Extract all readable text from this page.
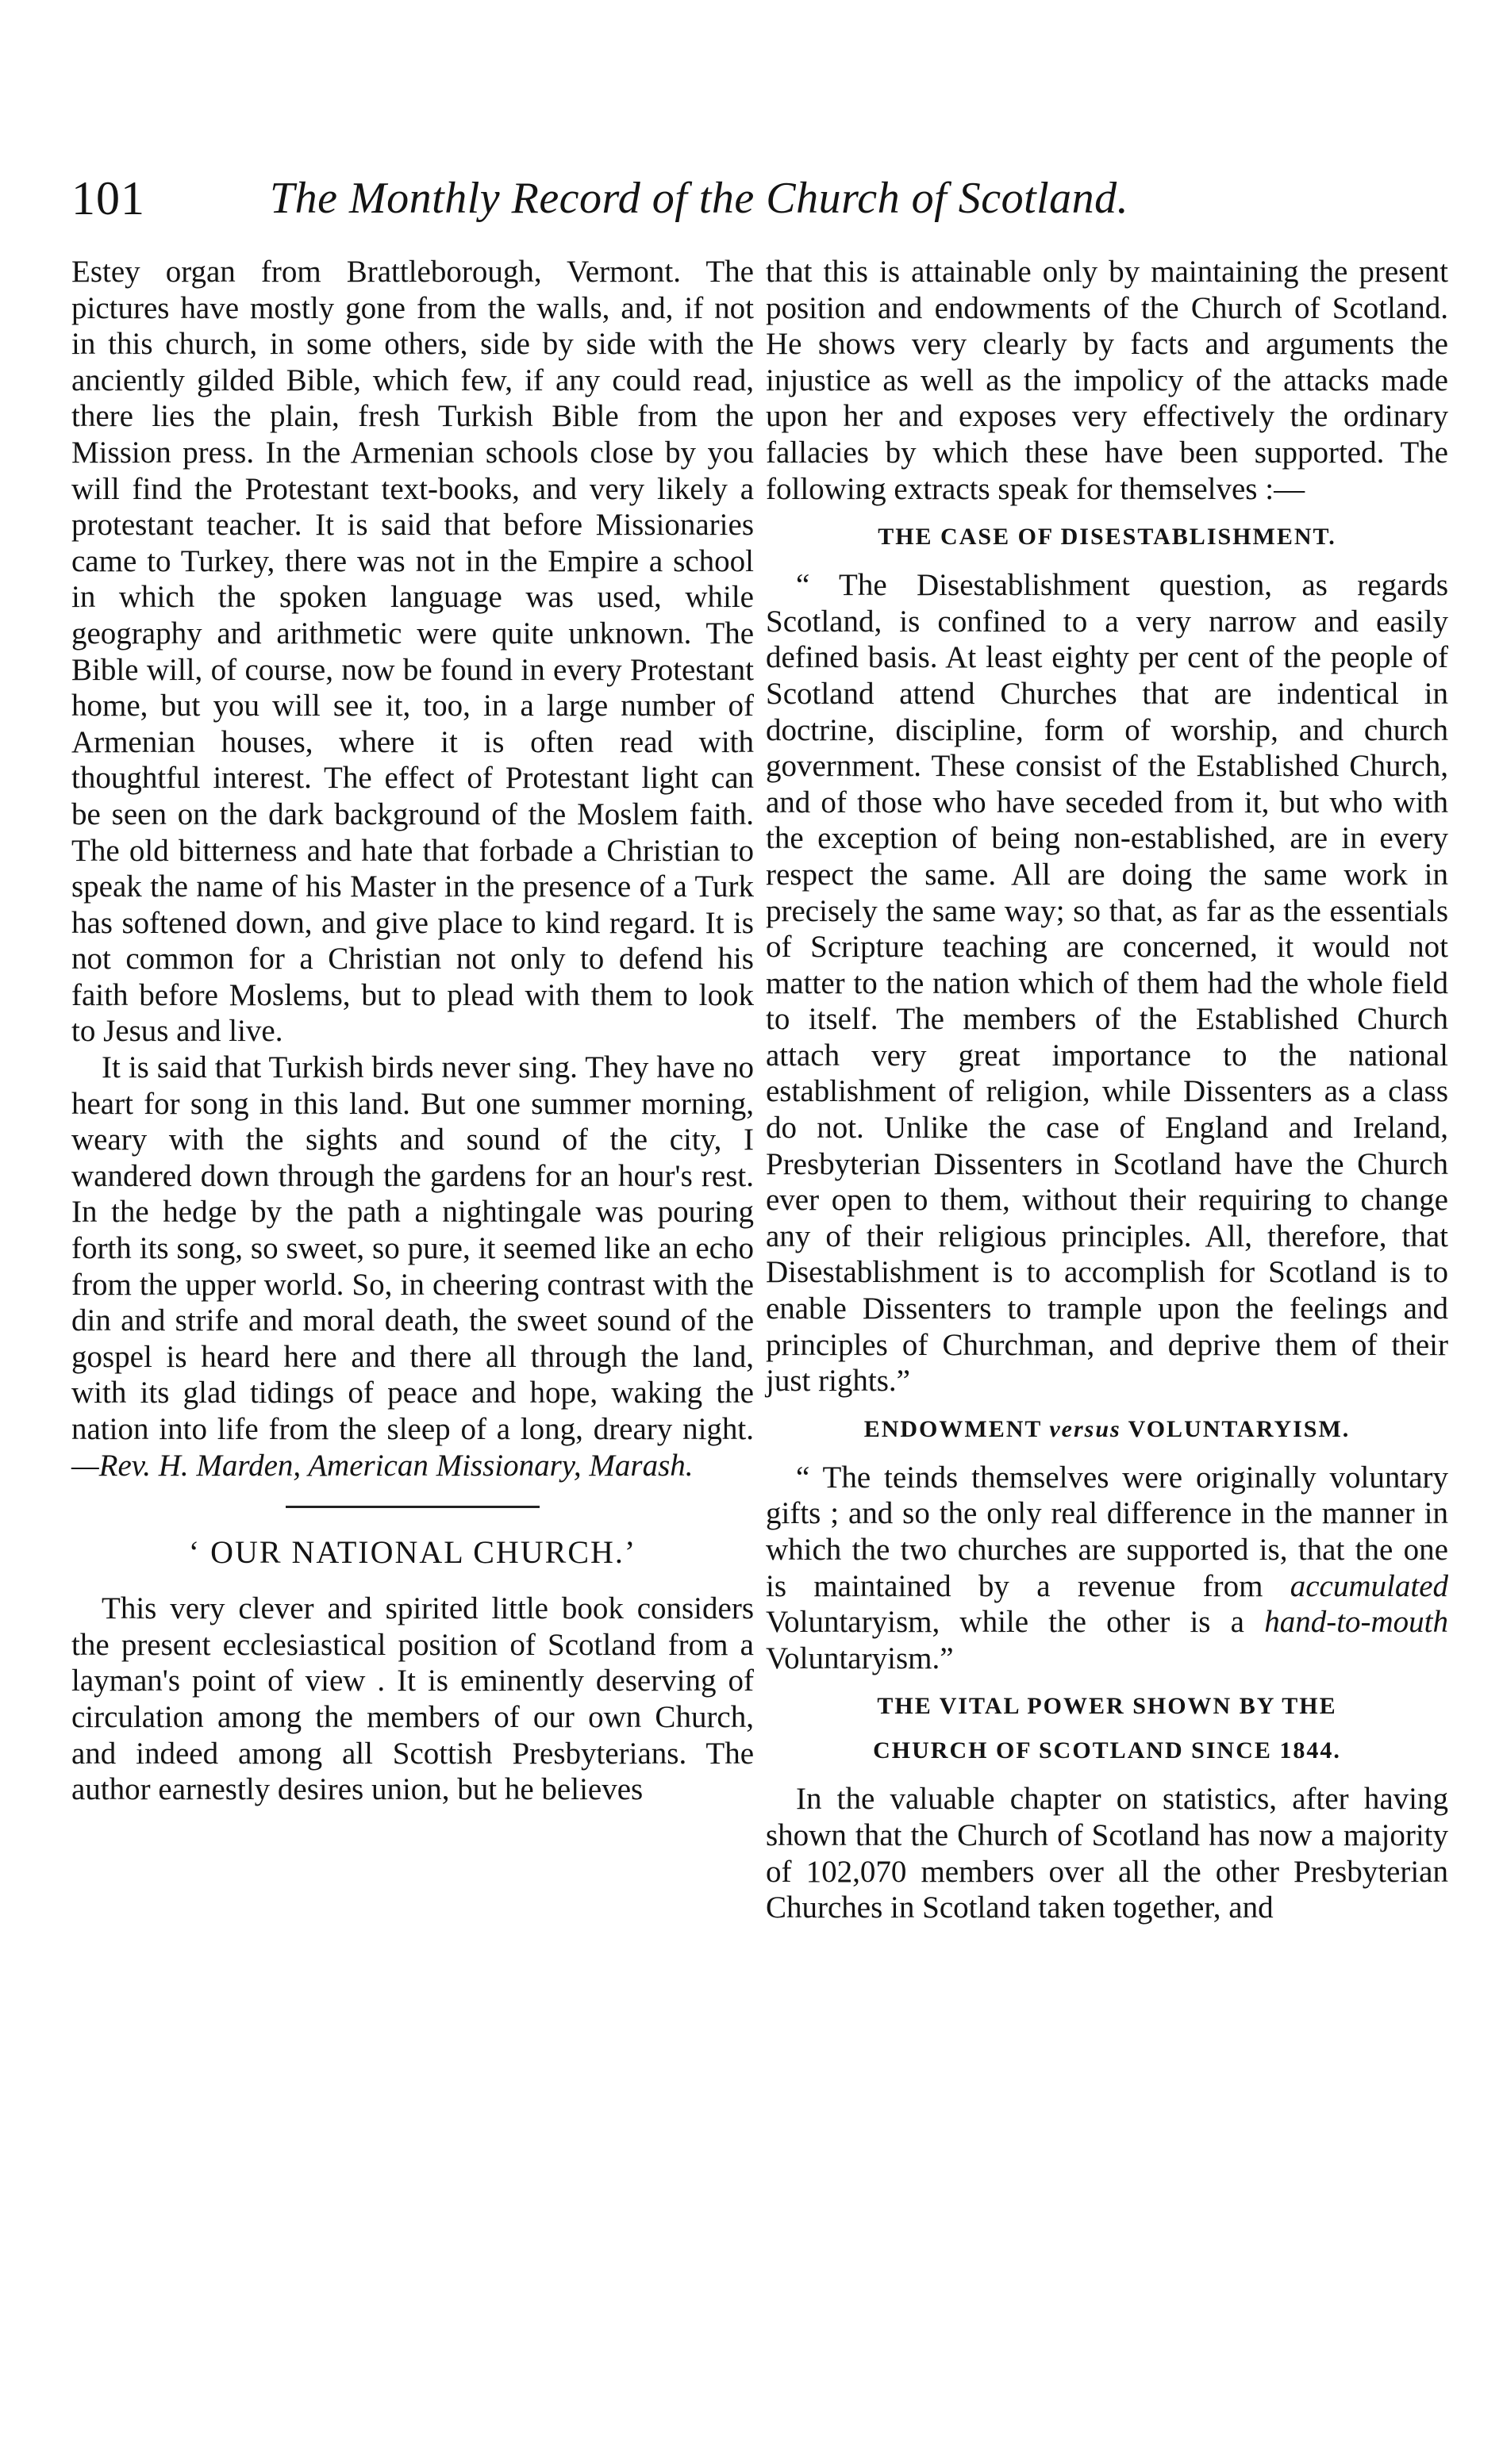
101	The Monthly Record of the Church of Scotland.

Estey organ from Brattleborough, Vermont. The pictures have mostly gone from the walls, and, if not in this church, in some others, side by side with the anciently gilded Bible, which few, if any could read, there lies the plain, fresh Turkish Bible from the Mission press. In the Armenian schools close by you will find the Protestant text-books, and very likely a protestant teacher. It is said that before Missionaries came to Turkey, there was not in the Empire a school in which the spoken language was used, while geography and arithmetic were quite unknown. The Bible will, of course, now be found in every Protestant home, but you will see it, too, in a large number of Armenian houses, where it is often read with thoughtful interest. The effect of Protestant light can be seen on the dark background of the Moslem faith. The old bitterness and hate that forbade a Christian to speak the name of his Master in the presence of a Turk has softened down, and give place to kind regard. It is not common for a Christian not only to defend his faith before Moslems, but to plead with them to look to Jesus and live.

It is said that Turkish birds never sing. They have no heart for song in this land. But one summer morning, weary with the sights and sound of the city, I wandered down through the gardens for an hour's rest. In the hedge by the path a nightingale was pouring forth its song, so sweet, so pure, it seemed like an echo from the upper world. So, in cheering contrast with the din and strife and moral death, the sweet sound of the gospel is heard here and there all through the land, with its glad tidings of peace and hope, waking the nation into life from the sleep of a long, dreary night.—Rev. H. Marden, American Missionary, Marash.

‘ OUR NATIONAL CHURCH.’

This very clever and spirited little book considers the present ecclesiastical position of Scotland from a layman's point of view . It is eminently deserving of circulation among the members of our own Church, and indeed among all Scottish Presbyterians. The author earnestly desires union, but he believes

that this is attainable only by maintaining the present position and endowments of the Church of Scotland. He shows very clearly by facts and arguments the injustice as well as the impolicy of the attacks made upon her and exposes very effectively the ordinary fallacies by which these have been supported. The following extracts speak for themselves :—

THE CASE OF DISESTABLISHMENT.

“ The Disestablishment question, as regards Scotland, is confined to a very narrow and easily defined basis. At least eighty per cent of the people of Scotland attend Churches that are indentical in doctrine, discipline, form of worship, and church government. These consist of the Established Church, and of those who have seceded from it, but who with the exception of being non-established, are in every respect the same. All are doing the same work in precisely the same way; so that, as far as the essentials of Scripture teaching are concerned, it would not matter to the nation which of them had the whole field to itself. The members of the Established Church attach very great importance to the national establishment of religion, while Dissenters as a class do not. Unlike the case of England and Ireland, Presbyterian Dissenters in Scotland have the Church ever open to them, without their requiring to change any of their religious principles. All, therefore, that Disestablishment is to accomplish for Scotland is to enable Dissenters to trample upon the feelings and principles of Churchman, and deprive them of their just rights.”

ENDOWMENT versus VOLUNTARYISM.

“ The teinds themselves were originally voluntary gifts ; and so the only real difference in the manner in which the two churches are supported is, that the one is maintained by a revenue from accumulated Voluntaryism, while the other is a hand-to-mouth Voluntaryism.”

THE VITAL POWER SHOWN BY THE
CHURCH OF SCOTLAND SINCE 1844.

In the valuable chapter on statistics, after having shown that the Church of Scotland has now a majority of 102,070 members over all the other Presbyterian Churches in Scotland taken together, and
